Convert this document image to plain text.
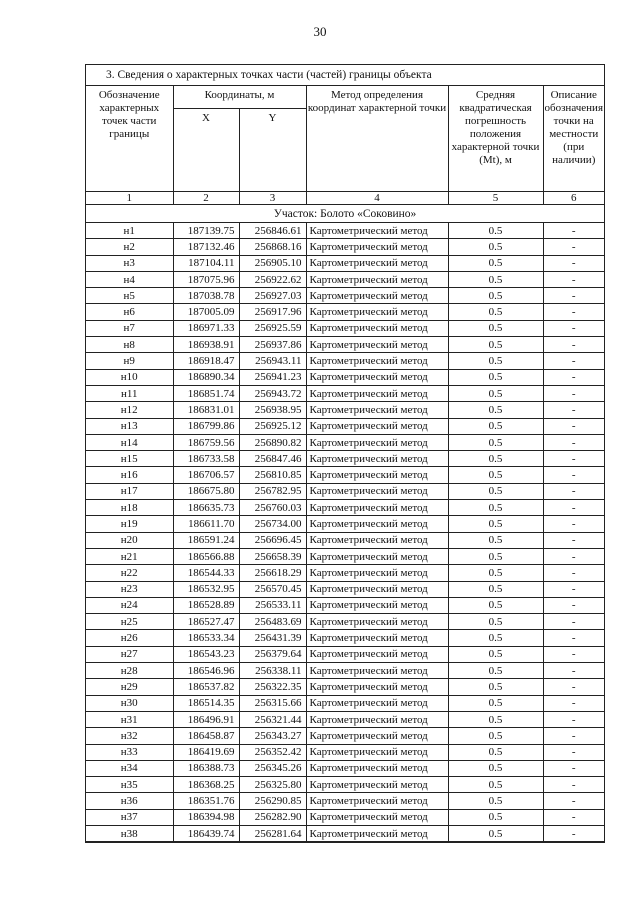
30
3. Сведения о характерных точках части (частей) границы объекта
Обозначение характерных точек части границы	Координаты, м		Метод определения координат характерной точки	Средняя квадратическая погрешность положения характерной точки (Mt), м	Описание обозначения точки на местности (при наличии)
	X	Y			
1	2	3	4	5	6
Участок: Болото «Соковино»					
н1	187139.75	256846.61	Картометрический метод	0.5	-
н2	187132.46	256868.16	Картометрический метод	0.5	-
н3	187104.11	256905.10	Картометрический метод	0.5	-
н4	187075.96	256922.62	Картометрический метод	0.5	-
н5	187038.78	256927.03	Картометрический метод	0.5	-
н6	187005.09	256917.96	Картометрический метод	0.5	-
н7	186971.33	256925.59	Картометрический метод	0.5	-
н8	186938.91	256937.86	Картометрический метод	0.5	-
н9	186918.47	256943.11	Картометрический метод	0.5	-
н10	186890.34	256941.23	Картометрический метод	0.5	-
н11	186851.74	256943.72	Картометрический метод	0.5	-
н12	186831.01	256938.95	Картометрический метод	0.5	-
н13	186799.86	256925.12	Картометрический метод	0.5	-
н14	186759.56	256890.82	Картометрический метод	0.5	-
н15	186733.58	256847.46	Картометрический метод	0.5	-
н16	186706.57	256810.85	Картометрический метод	0.5	-
н17	186675.80	256782.95	Картометрический метод	0.5	-
н18	186635.73	256760.03	Картометрический метод	0.5	-
н19	186611.70	256734.00	Картометрический метод	0.5	-
н20	186591.24	256696.45	Картометрический метод	0.5	-
н21	186566.88	256658.39	Картометрический метод	0.5	-
н22	186544.33	256618.29	Картометрический метод	0.5	-
н23	186532.95	256570.45	Картометрический метод	0.5	-
н24	186528.89	256533.11	Картометрический метод	0.5	-
н25	186527.47	256483.69	Картометрический метод	0.5	-
н26	186533.34	256431.39	Картометрический метод	0.5	-
н27	186543.23	256379.64	Картометрический метод	0.5	-
н28	186546.96	256338.11	Картометрический метод	0.5	-
н29	186537.82	256322.35	Картометрический метод	0.5	-
н30	186514.35	256315.66	Картометрический метод	0.5	-
н31	186496.91	256321.44	Картометрический метод	0.5	-
н32	186458.87	256343.27	Картометрический метод	0.5	-
н33	186419.69	256352.42	Картометрический метод	0.5	-
н34	186388.73	256345.26	Картометрический метод	0.5	-
н35	186368.25	256325.80	Картометрический метод	0.5	-
н36	186351.76	256290.85	Картометрический метод	0.5	-
н37	186394.98	256282.90	Картометрический метод	0.5	-
н38	186439.74	256281.64	Картометрический метод	0.5	-
